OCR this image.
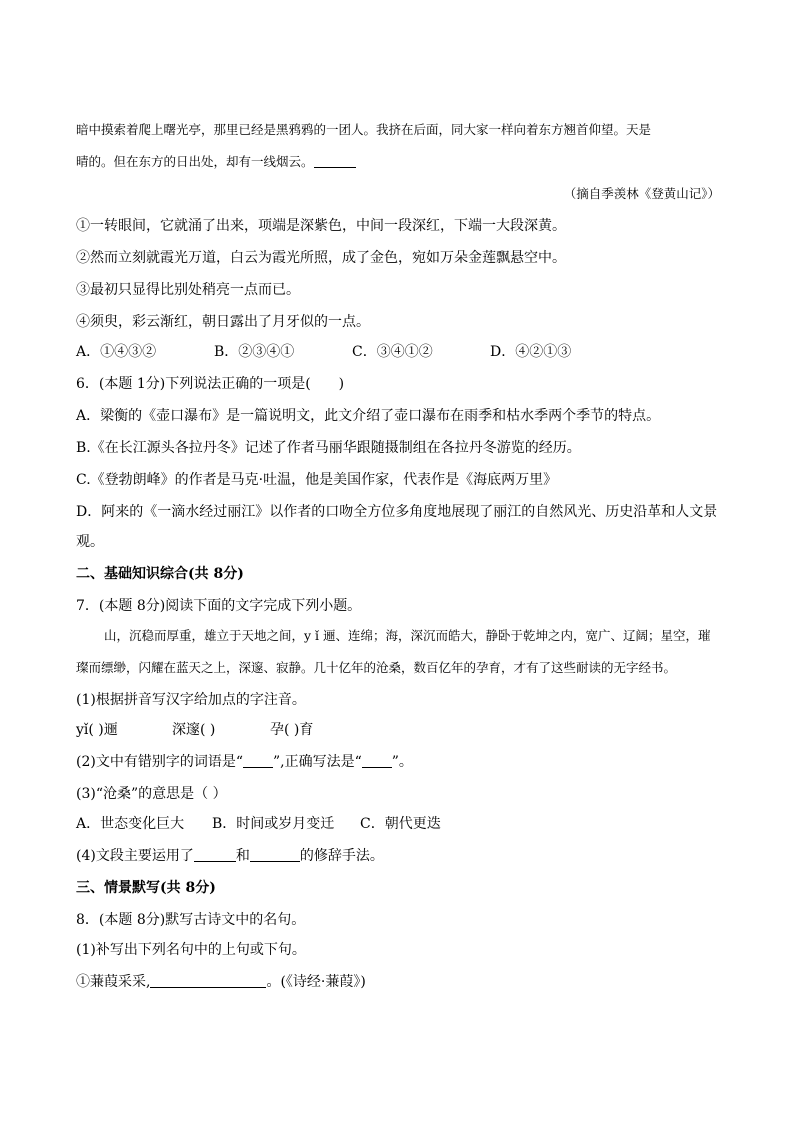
暗中摸索着爬上曙光亭，那里已经是黑鸦鸦的一团人。我挤在后面，同大家一样向着东方翘首仰望。天是
晴的。但在东方的日出处，却有一线烟云。
（摘自季羡林《登黄山记》）
①一转眼间，它就涌了出来，项端是深紫色，中间一段深红，下端一大段深黄。
②然而立刻就霞光万道，白云为霞光所照，成了金色，宛如万朵金莲飘悬空中。
③最初只显得比别处稍亮一点而已。
④须臾，彩云渐红，朝日露出了月牙似的一点。
A．①④③②	B．②③④①	C．③④①②	D．④②①③
6．(本题 1分)下列说法正确的一项是(　　)
A．梁衡的《壶口瀑布》是一篇说明文，此文介绍了壶口瀑布在雨季和枯水季两个季节的特点。
B.《在长江源头各拉丹冬》记述了作者马丽华跟随摄制组在各拉丹冬游览的经历。
C.《登勃朗峰》的作者是马克·吐温，他是美国作家，代表作是《海底两万里》
D．阿来的《一滴水经过丽江》以作者的口吻全方位多角度地展现了丽江的自然风光、历史沿革和人文景
观。
二、基础知识综合(共 8分)
7．(本题 8分)阅读下面的文字完成下列小题。
山，沉稳而厚重，雄立于天地之间，y ǐ 逦、连绵；海，深沉而皓大，静卧于乾坤之内，宽广、辽阔；星空，璀
璨而缥缈，闪耀在蓝天之上，深邃、寂静。几十亿年的沧桑，数百亿年的孕育，才有了这些耐读的无字经书。
(1)根据拼音写汉字给加点的字注音。
yǐ( )逦	深邃( )	孕( )育
(2)文中有错别字的词语是“ ”,正确写法是“ ”。
(3)“沧桑”的意思是（ ）
A．世态变化巨大 B．时间或岁月变迁 C．朝代更迭
(4)文段主要运用了	和	的修辞手法。
三、情景默写(共 8分)
8．(本题 8分)默写古诗文中的名句。
(1)补写出下列名句中的上句或下句。
①蒹葭采采,	。(《诗经·蒹葭》)
